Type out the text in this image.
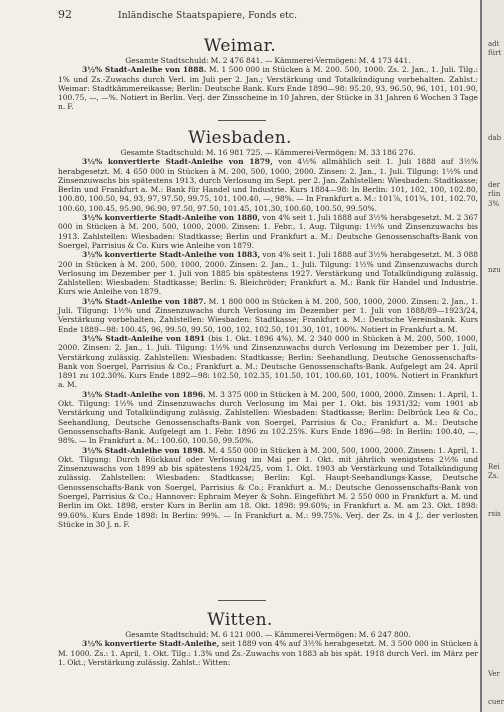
92	Inländische Staatspapiere, Fonds etc.
Weimar.

Gesamte Stadtschuld: M. 2 476 841. — Kämmerei-Vermögen: M. 4 173 441.

3½% Stadt-Anleihe von 1888. M. 1 500 000 in Stücken à M. 200. 500, 1000. Zs. 2. Jan., 1. Juli. Tilg.: 1% und Zs.-Zuwachs durch Verl. im Juli per 2. Jan.; Verstärkung und Totalkündigung vorbehalten. Zahlst.: Weimar: Stadtkämmereikasse; Berlin: Deutsche Bank. Kurs Ende 1890—98: 95.20, 93, 96.50, 96, 101, 101.90, 100.75, —, —%. Notiert in Berlin. Verj. der Zinsscheine in 10 Jahren, der Stücke in 31 Jahren 6 Wochen 3 Tage n. F.

Wiesbaden.

Gesamte Stadtschuld: M. 16 981 725. — Kämmerei-Vermögen: M. 33 186 276.

3½% konvertierte Stadt-Anleihe von 1879, von 4½% allmählich seit 1. Juli 1888 auf 3½% herabgesetzt. M. 4 650 000 in Stücken à M. 200, 500, 1000, 2000. Zinsen: 2. Jan., 1. Juli. Tilgung: 1½% und Zinsenzuwachs bis spätestens 1913, durch Verlosung im Sept. per 2. Jan. Zahlstellen: Wiesbaden: Stadtkasse; Berlin und Frankfurt a. M.: Bank für Handel und Industrie. Kurs 1884—98: In Berlin: 101, 102, 100, 102.80, 100.80, 100.50, 94, 93, 97, 97.50, 99.75, 101, 100.40, —, 98%. — In Frankfurt a. M.: 101⅞, 101¾, 101, 102.70, 100.60, 100.45, 95.90, 96.90, 97.50, 97.50, 101.45, 101.30, 100.60, 100.50, 99.50%.

3½% konvertierte Stadt-Anleihe von 1880, von 4% seit 1. Juli 1888 auf 3½% herabgesetzt. M. 2 367 000 in Stücken à M. 200, 500, 1000, 2000. Zinsen: 1. Febr., 1. Aug. Tilgung: 1½% und Zinsenzuwachs bis 1913. Zahlstellen: Wiesbaden: Stadtkasse; Berlin und Frankfurt a. M.: Deutsche Genossenschafts-Bank von Soergel, Parrisius & Co. Kurs wie Anleihe von 1879.

3½% konvertierte Stadt-Anleihe von 1883, von 4% seit 1. Juli 1888 auf 3½% herabgesetzt. M. 3 088 200 in Stücken à M. 200, 500, 1000, 2000. Zinsen: 2. Jan., 1. Juli. Tilgung: 1½% und Zinsenzuwachs durch Verlosung im Dezember per 1. Juli von 1885 bis spätestens 1927. Verstärkung und Totalkündigung zulässig. Zahlstellen: Wiesbaden: Stadtkasse; Berlin: S. Bleichröder; Frankfurt a. M.: Bank für Handel und Industrie. Kurs wie Anleihe von 1879.

3½% Stadt-Anleihe von 1887. M. 1 800 000 in Stücken à M. 200, 500, 1000, 2000. Zinsen: 2. Jan., 1. Juli. Tilgung: 1½% und Zinsenzuwachs durch Verlosung im Dezember per 1. Juli von 1888/89—1923/24, Verstärkung vorbehalten. Zahlstellen: Wiesbaden: Stadtkasse; Frankfurt a. M.: Deutsche Vereinsbank. Kurs Ende 1889—98: 100.45, 96, 99.50, 99.50, 100, 102, 102.50, 101.30, 101, 100%. Notiert in Frankfurt a. M.

3½% Stadt-Anleihe von 1891 (bis 1. Okt. 1896 4%). M. 2 340 000 in Stücken à M. 200, 500, 1000, 2000. Zinsen: 2. Jan., 1. Juli. Tilgung: 1½% und Zinsenzuwachs durch Verlosung im Dezember per 1. Juli, Verstärkung zulässig. Zahlstellen: Wiesbaden: Stadtkasse; Berlin: Seehandlung, Deutsche Genossenschafts-Bank von Soergel, Parrisius & Co.; Frankfurt a. M.: Deutsche Genossenschafts-Bank. Aufgelegt am 24. April 1891 zu 102.30%. Kurs Ende 1892—98: 102.50, 102.35, 101.50, 101, 100.60, 101, 100%. Notiert in Frankfurt a. M.

3½% Stadt-Anleihe von 1896. M. 3 375 000 in Stücken à M. 200, 500, 1000, 2000. Zinsen: 1. April, 1. Okt. Tilgung: 1½% und Zinsenzuwachs durch Verlosung im Mai per 1. Okt. bis 1931/32; vom 1901 ab Verstärkung und Totalkündigung zulässig. Zahlstellen: Wiesbaden: Stadtkasse; Berlin: Delbrück Leo & Co., Seehandlung, Deutsche Genossenschafts-Bank von Soergel, Parrisius & Co.; Frankfurt a. M.: Deutsche Genossenschafts-Bank. Aufgelegt am 1. Febr. 1896 zu 102.25%. Kurs Ende 1896—98: In Berlin: 100.40, —, 98%. — In Frankfurt a. M.: 100.60, 100.50, 99.50%.

3½% Stadt-Anleihe von 1898. M. 4 550 000 in Stücken à M. 200, 500, 1000, 2000. Zinsen: 1. April, 1. Okt. Tilgung: Durch Rückkauf oder Verlosung im Mai per 1. Okt. mit jährlich wenigstens 2½% und Zinsenzuwachs von 1899 ab bis spätestens 1924/25, vom 1. Okt. 1903 ab Verstärkung und Totalkündigung zulässig. Zahlstellen: Wiesbaden: Stadtkasse; Berlin: Kgl. Haupt-Seehandlungs-Kasse, Deutsche Genossenschafts-Bank von Soergel, Parrisius & Co.; Frankfurt a. M.: Deutsche Genossenschafts-Bank von Soergel, Parrisius & Co.; Hannover: Ephraim Meyer & Sohn. Eingeführt M. 2 550 000 in Frankfurt a. M. und Berlin im Okt. 1898, erster Kurs in Berlin am 18. Okt. 1898: 99.60%; in Frankfurt a. M. am 23. Okt. 1898: 99.60%. Kurs Ende 1898: In Berlin: 99%. — In Frankfurt a. M.: 99.75%. Verj. der Zs. in 4 J., der verlosten Stücke in 30 J. n. F.

Witten.

Gesamte Stadtschuld: M. 6 121 000. — Kämmerei-Vermögen: M. 6 247 800.

3½% konvertierte Stadt-Anleihe, seit 1889 von 4% auf 3½% herabgesetzt. M. 3 500 000 in Stücken à M. 1000. Zs.: 1. April, 1. Okt. Tilg.: 1.3% und Zs.-Zuwachs von 1883 ab bis spät. 1918 durch Verl. im März per 1. Okt.; Verstärkung zulässig. Zahlst.: Witten:

adt
fürt
dab
der
rlin
3%
nzu
Rei
Zs.
rsis
Ver
cuer
